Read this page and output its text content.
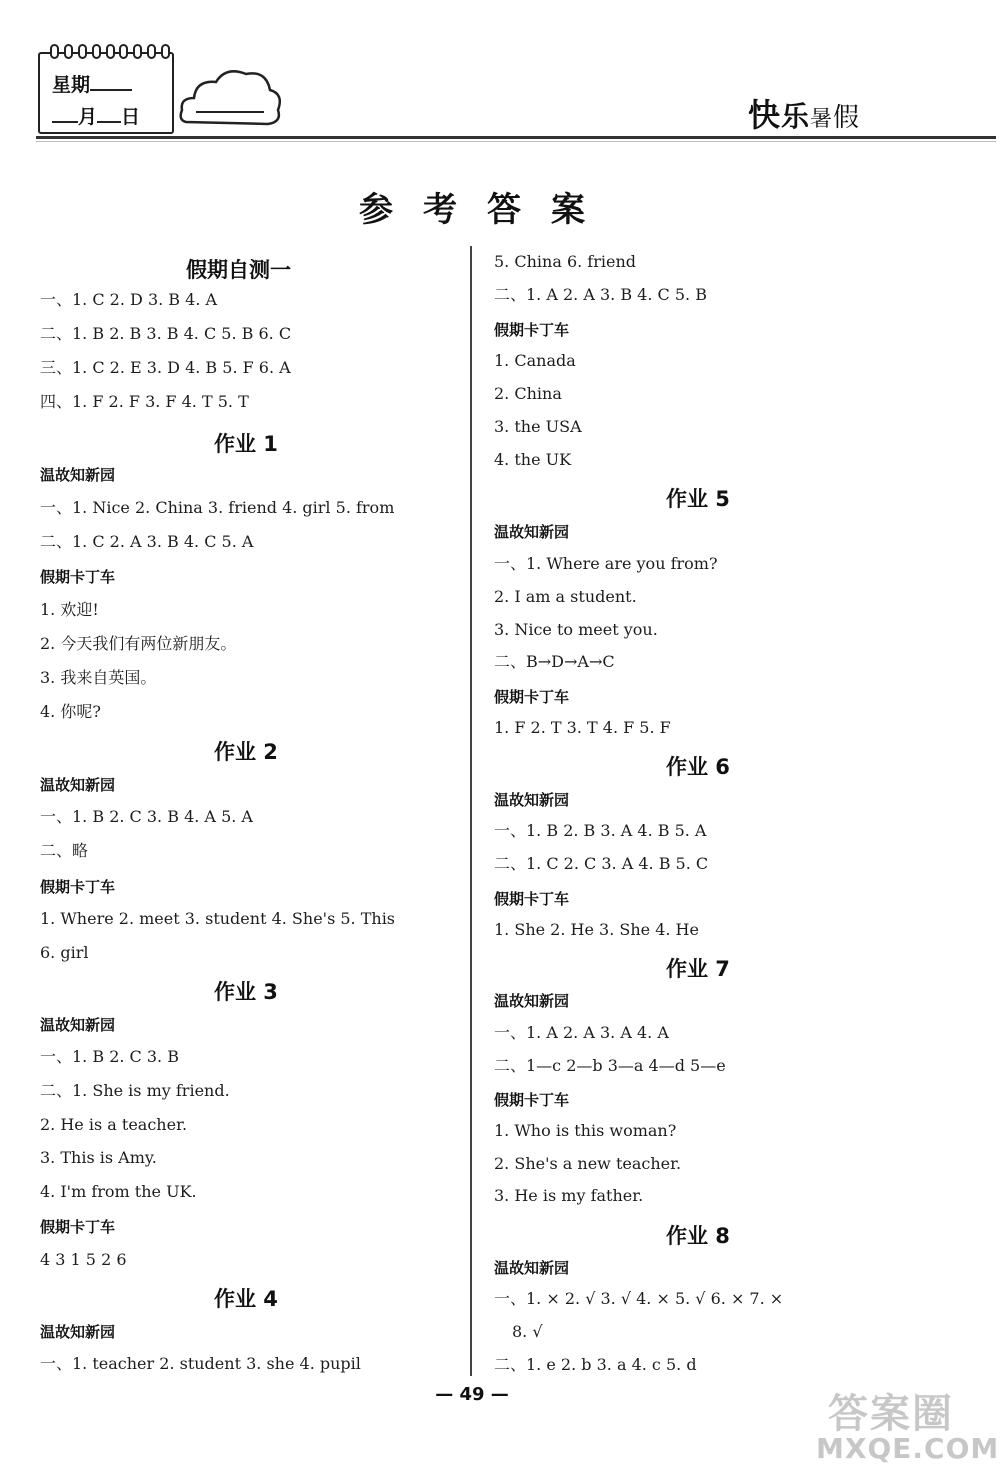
星期
月 日	快乐暑假
参考答案
假期自测一
一、1. C 2. D 3. B 4. A
二、1. B 2. B 3. B 4. C 5. B 6. C
三、1. C 2. E 3. D 4. B 5. F 6. A
四、1. F 2. F 3. F 4. T 5. T
作业 1
温故知新园
一、1. Nice 2. China 3. friend 4. girl 5. from
二、1. C 2. A 3. B 4. C 5. A
假期卡丁车
1. 欢迎!
2. 今天我们有两位新朋友。
3. 我来自英国。
4. 你呢?
作业 2
温故知新园
一、1. B 2. C 3. B 4. A 5. A
二、略
假期卡丁车
1. Where 2. meet 3. student 4. She's 5. This
6. girl
作业 3
温故知新园
一、1. B 2. C 3. B
二、1. She is my friend.
2. He is a teacher.
3. This is Amy.
4. I'm from the UK.
假期卡丁车
4 3 1 5 2 6
作业 4
温故知新园
一、1. teacher 2. student 3. she 4. pupil
5. China 6. friend
二、1. A 2. A 3. B 4. C 5. B
假期卡丁车
1. Canada
2. China
3. the USA
4. the UK
作业 5
温故知新园
一、1. Where are you from?
2. I am a student.
3. Nice to meet you.
二、B→D→A→C
假期卡丁车
1. F 2. T 3. T 4. F 5. F
作业 6
温故知新园
一、1. B 2. B 3. A 4. B 5. A
二、1. C 2. C 3. A 4. B 5. C
假期卡丁车
1. She 2. He 3. She 4. He
作业 7
温故知新园
一、1. A 2. A 3. A 4. A
二、1—c 2—b 3—a 4—d 5—e
假期卡丁车
1. Who is this woman?
2. She's a new teacher.
3. He is my father.
作业 8
温故知新园
一、1. × 2. √ 3. √ 4. × 5. √ 6. × 7. ×
8. √
二、1. e 2. b 3. a 4. c 5. d
— 49 —	答案圈
MXQE.COM
